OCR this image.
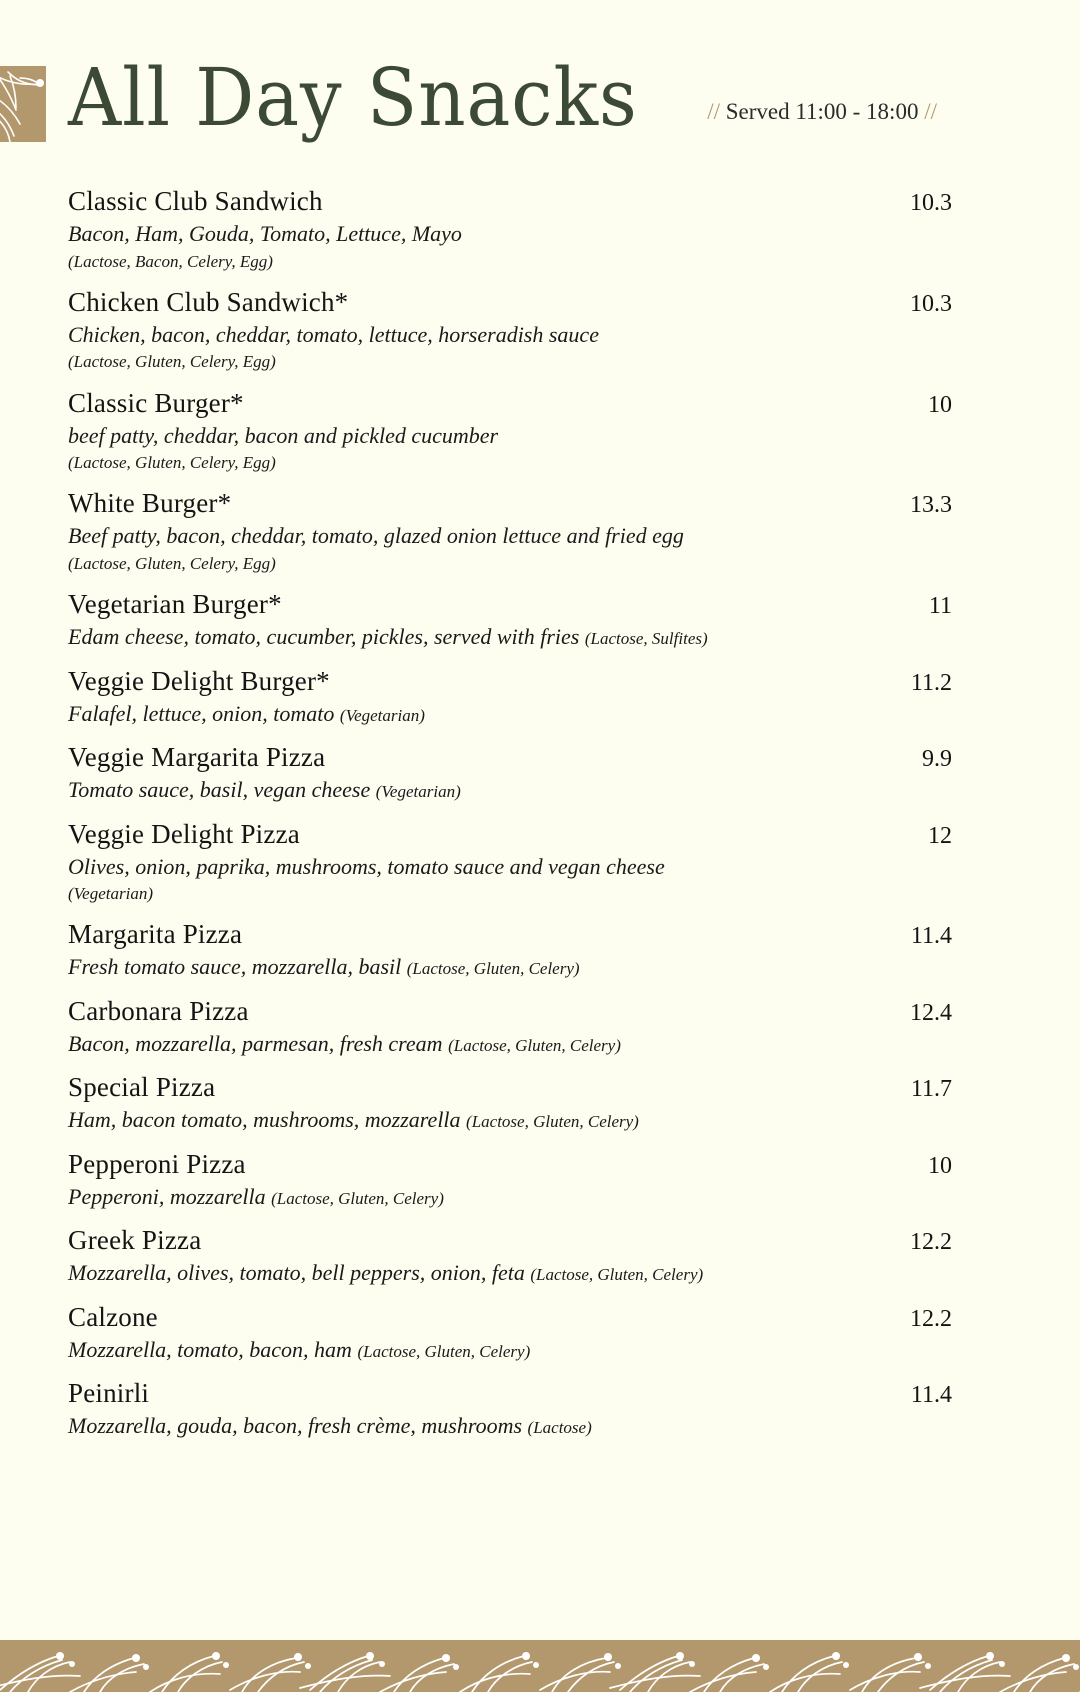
All Day Snacks	// Served 11:00 - 18:00 //
Classic Club Sandwich	10.3
Bacon, Ham, Gouda, Tomato, Lettuce, Mayo
(Lactose, Bacon, Celery, Egg)
Chicken Club Sandwich*	10.3
Chicken, bacon, cheddar, tomato, lettuce, horseradish sauce
(Lactose, Gluten, Celery, Egg)
Classic Burger*	10
beef patty, cheddar, bacon and pickled cucumber
(Lactose, Gluten, Celery, Egg)
White Burger*	13.3
Beef patty, bacon, cheddar, tomato, glazed onion lettuce and fried egg
(Lactose, Gluten, Celery, Egg)
Vegetarian Burger*	11
Edam cheese, tomato, cucumber, pickles, served with fries (Lactose, Sulfites)
Veggie Delight Burger*	11.2
Falafel, lettuce, onion, tomato (Vegetarian)
Veggie Margarita Pizza	9.9
Tomato sauce, basil, vegan cheese (Vegetarian)
Veggie Delight Pizza	12
Olives, onion, paprika, mushrooms, tomato sauce and vegan cheese
(Vegetarian)
Margarita Pizza	11.4
Fresh tomato sauce, mozzarella, basil (Lactose, Gluten, Celery)
Carbonara Pizza	12.4
Bacon, mozzarella, parmesan, fresh cream (Lactose, Gluten, Celery)
Special Pizza	11.7
Ham, bacon tomato, mushrooms, mozzarella (Lactose, Gluten, Celery)
Pepperoni Pizza	10
Pepperoni, mozzarella (Lactose, Gluten, Celery)
Greek Pizza	12.2
Mozzarella, olives, tomato, bell peppers, onion, feta (Lactose, Gluten, Celery)
Calzone	12.2
Mozzarella, tomato, bacon, ham (Lactose, Gluten, Celery)
Peinirli	11.4
Mozzarella, gouda, bacon, fresh crème, mushrooms (Lactose)
